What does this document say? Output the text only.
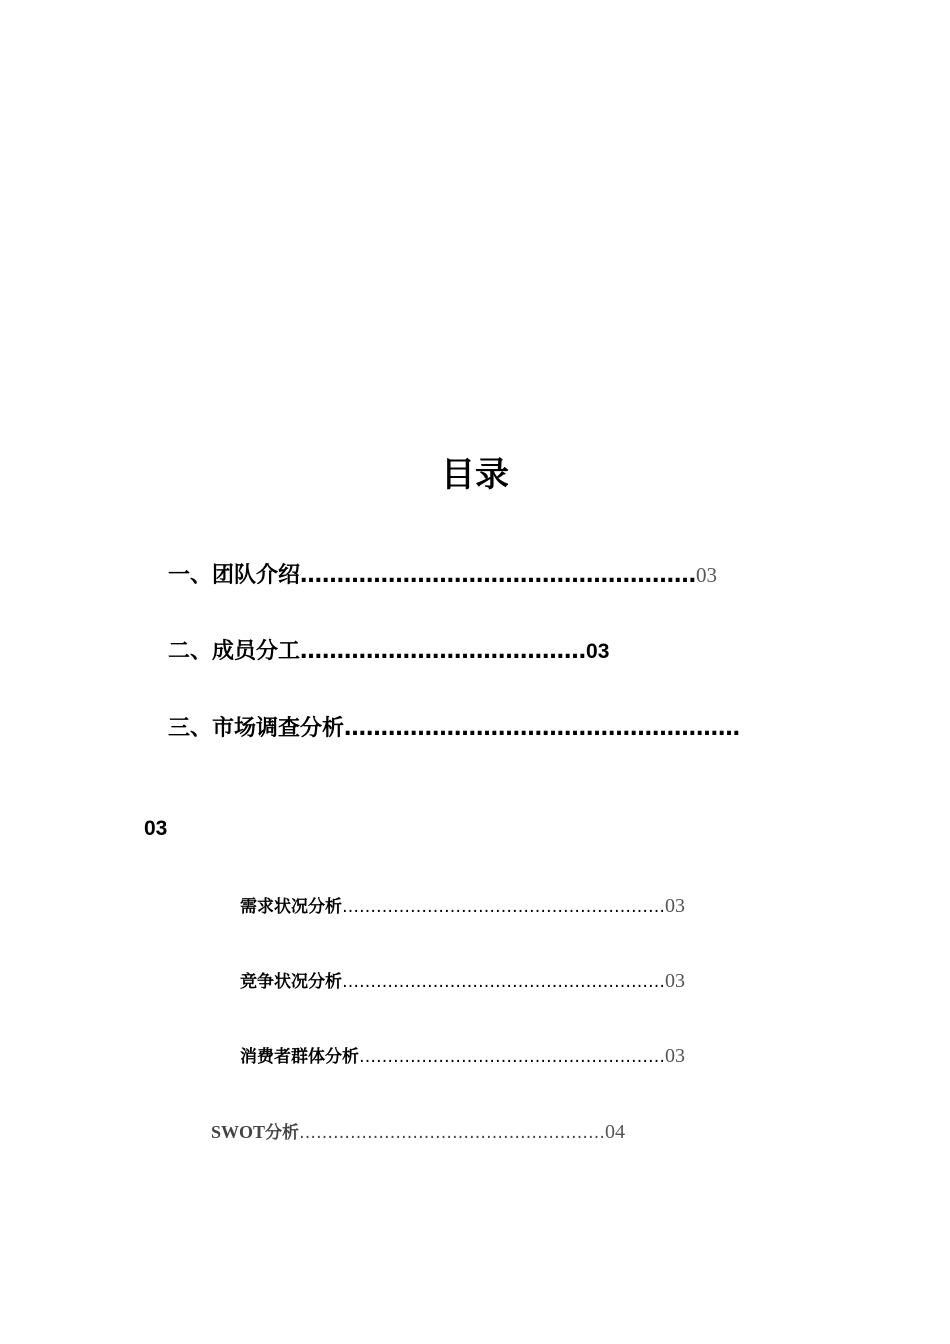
目录
一、团队介绍………………………………………………03
二、成员分工…………………………………03
三、市场调查分析………………………………………………
03
需求状况分析…………………………………………………03
竞争状况分析…………………………………………………03
消费者群体分析………………………………………………03
SWOT分析………………………………………………04
